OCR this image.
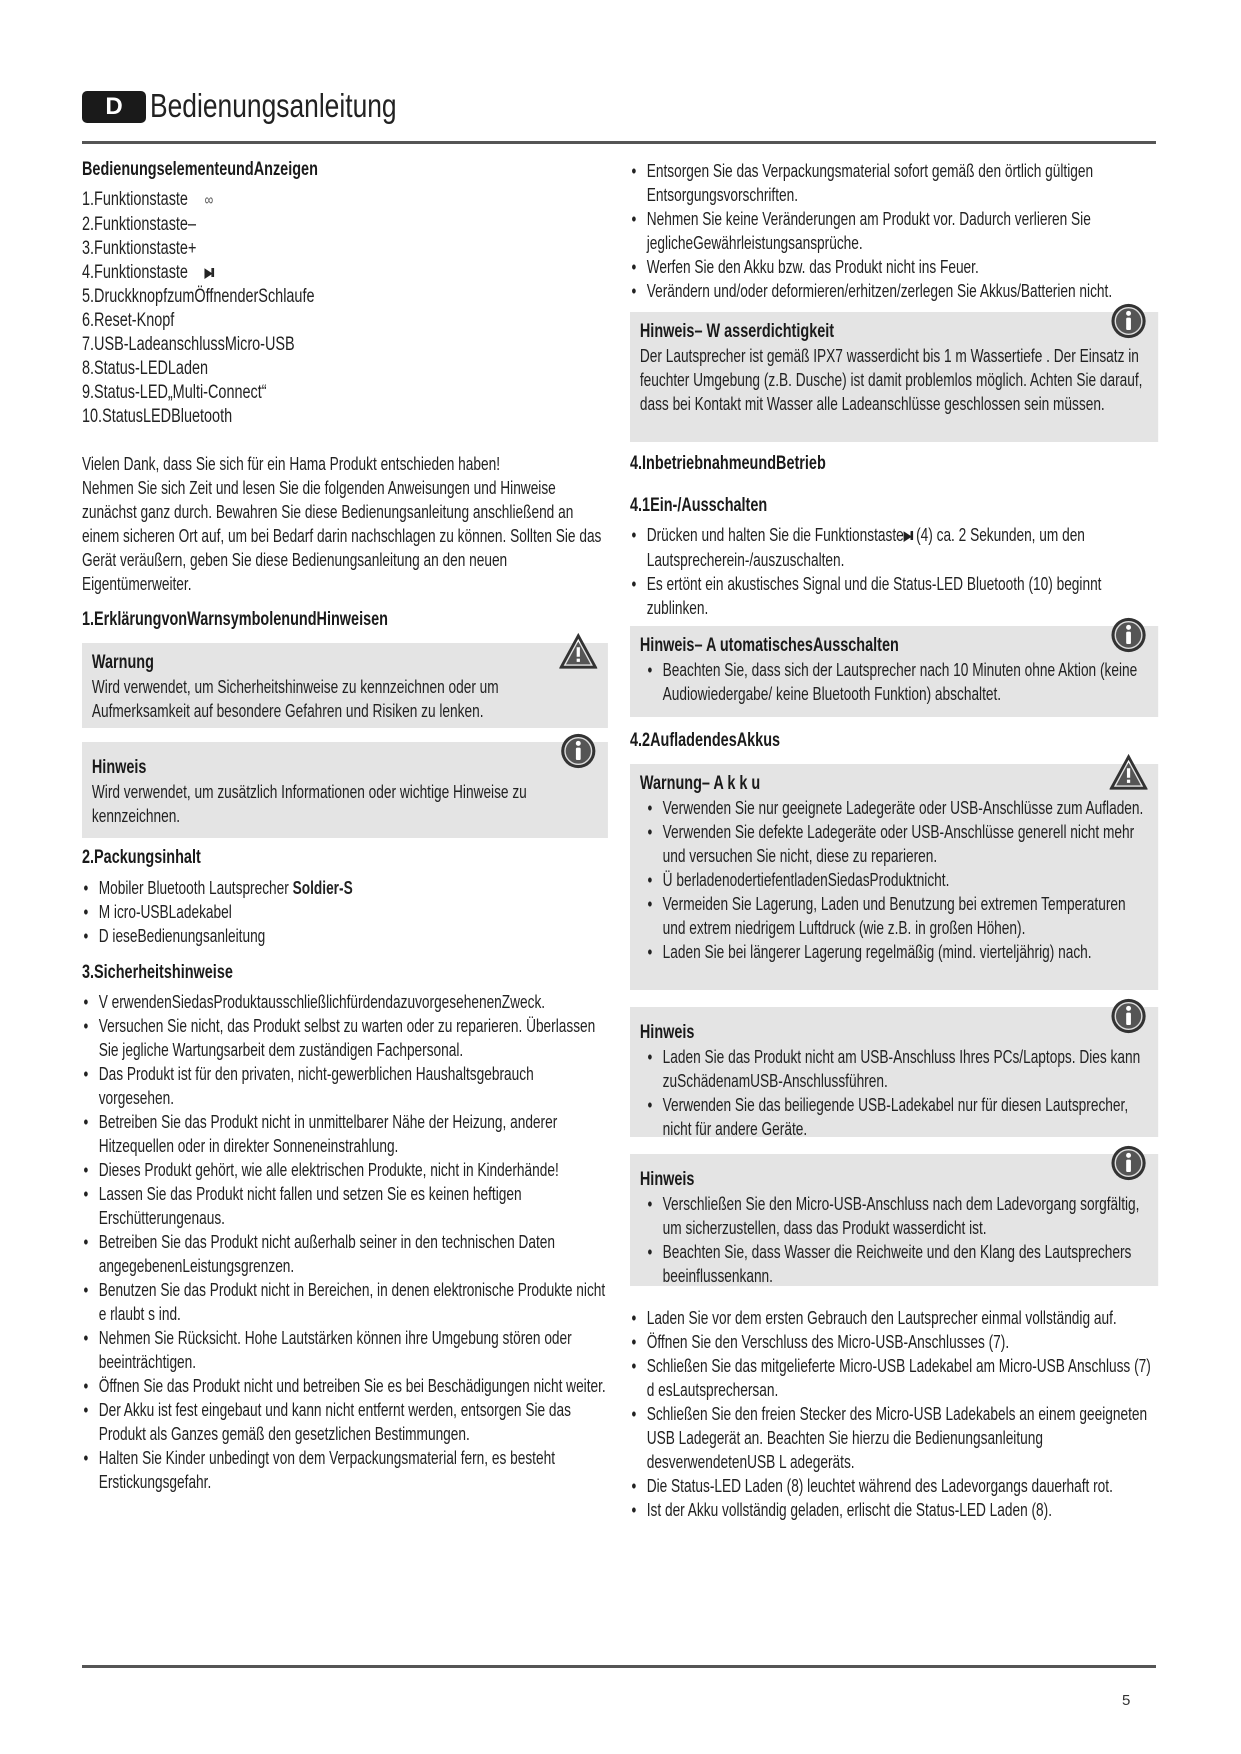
D Bedienungsanleitung
BedienungselementeundAnzeigen
1.Funktionstaste ∞
2.Funktionstaste–
3.Funktionstaste+
4.Funktionstaste ▶II
5.DruckknopfzumÖffnenderSchlaufe
6.Reset-Knopf
7.USB-LadeanschlussMicro-USB
8.Status-LEDLaden
9.Status-LED„Multi-Connect“
10.StatusLEDBluetooth
Vielen Dank, dass Sie sich für ein Hama Produkt entschieden haben!
Nehmen Sie sich Zeit und lesen Sie die folgenden Anweisungen und Hinweise zunächst ganz durch. Bewahren Sie diese Bedienungsanleitung anschließend an einem sicheren Ort auf, um bei Bedarf darin nachschlagen zu können. Sollten Sie das Gerät veräußern, geben Sie diese Bedienungsanleitung an den neuen Eigentümerweiter.
1.ErklärungvonWarnsymbolenundHinweisen
Warnung
Wird verwendet, um Sicherheitshinweise zu kennzeichnen oder um Aufmerksamkeit auf besondere Gefahren und Risiken zu lenken.
Hinweis
Wird verwendet, um zusätzlich Informationen oder wichtige Hinweise zu kennzeichnen.
2.Packungsinhalt
• Mobiler Bluetooth Lautsprecher Soldier-S
• M icro-USBLadekabel
• D ieseBedienungsanleitung
3.Sicherheitshinweise
• V erwendenSiedasProduktausschließlichfürdendazuvorgesehenenZweck.
• Versuchen Sie nicht, das Produkt selbst zu warten oder zu reparieren. Überlassen Sie jegliche Wartungsarbeit dem zuständigen Fachpersonal.
• Das Produkt ist für den privaten, nicht-gewerblichen Haushaltsgebrauch vorgesehen.
• Betreiben Sie das Produkt nicht in unmittelbarer Nähe der Heizung, anderer Hitzequellen oder in direkter Sonneneinstrahlung.
• Dieses Produkt gehört, wie alle elektrischen Produkte, nicht in Kinderhände!
• Lassen Sie das Produkt nicht fallen und setzen Sie es keinen heftigen Erschütterungenaus.
• Betreiben Sie das Produkt nicht außerhalb seiner in den technischen Daten angegebenenLeistungsgrenzen.
• Benutzen Sie das Produkt nicht in Bereichen, in denen elektronische Produkte nicht e rlaubt s ind.
• Nehmen Sie Rücksicht. Hohe Lautstärken können ihre Umgebung stören oder beeinträchtigen.
• Öffnen Sie das Produkt nicht und betreiben Sie es bei Beschädigungen nicht weiter.
• Der Akku ist fest eingebaut und kann nicht entfernt werden, entsorgen Sie das Produkt als Ganzes gemäß den gesetzlichen Bestimmungen.
• Halten Sie Kinder unbedingt von dem Verpackungsmaterial fern, es besteht Erstickungsgefahr.
• Entsorgen Sie das Verpackungsmaterial sofort gemäß den örtlich gültigen Entsorgungsvorschriften.
• Nehmen Sie keine Veränderungen am Produkt vor. Dadurch verlieren Sie jeglicheGewährleistungsansprüche.
• Werfen Sie den Akku bzw. das Produkt nicht ins Feuer.
• Verändern und/oder deformieren/erhitzen/zerlegen Sie Akkus/Batterien nicht.
Hinweis– W asserdichtigkeit
Der Lautsprecher ist gemäß IPX7 wasserdicht bis 1 m Wassertiefe . Der Einsatz in feuchter Umgebung (z.B. Dusche) ist damit problemlos möglich. Achten Sie darauf, dass bei Kontakt mit Wasser alle Ladeanschlüsse geschlossen sein müssen.
4.InbetriebnahmeundBetrieb
4.1Ein-/Ausschalten
• Drücken und halten Sie die Funktionstaste▶II (4) ca. 2 Sekunden, um den Lautsprecherein-/auszuschalten.
• Es ertönt ein akustisches Signal und die Status-LED Bluetooth (10) beginnt zublinken.
Hinweis– A utomatischesAusschalten
• Beachten Sie, dass sich der Lautsprecher nach 10 Minuten ohne Aktion (keine Audiowiedergabe/ keine Bluetooth Funktion) abschaltet.
4.2AufladendesAkkus
Warnung– A k k u
• Verwenden Sie nur geeignete Ladegeräte oder USB-Anschlüsse zum Aufladen.
• Verwenden Sie defekte Ladegeräte oder USB-Anschlüsse generell nicht mehr und versuchen Sie nicht, diese zu reparieren.
• Ü berladenodertiefentladenSiedasProduktnicht.
• Vermeiden Sie Lagerung, Laden und Benutzung bei extremen Temperaturen und extrem niedrigem Luftdruck (wie z.B. in großen Höhen).
• Laden Sie bei längerer Lagerung regelmäßig (mind. vierteljährig) nach.
Hinweis
• Laden Sie das Produkt nicht am USB-Anschluss Ihres PCs/Laptops. Dies kann zuSchädenamUSB-Anschlussführen.
• Verwenden Sie das beiliegende USB-Ladekabel nur für diesen Lautsprecher, nicht für andere Geräte.
Hinweis
• Verschließen Sie den Micro-USB-Anschluss nach dem Ladevorgang sorgfältig, um sicherzustellen, dass das Produkt wasserdicht ist.
• Beachten Sie, dass Wasser die Reichweite und den Klang des Lautsprechers beeinflussenkann.
• Laden Sie vor dem ersten Gebrauch den Lautsprecher einmal vollständig auf.
• Öffnen Sie den Verschluss des Micro-USB-Anschlusses (7).
• Schließen Sie das mitgelieferte Micro-USB Ladekabel am Micro-USB Anschluss (7) d esLautsprechersan.
• Schließen Sie den freien Stecker des Micro-USB Ladekabels an einem geeigneten USB Ladegerät an. Beachten Sie hierzu die Bedienungsanleitung desverwendetenUSB L adegeräts.
• Die Status-LED Laden (8) leuchtet während des Ladevorgangs dauerhaft rot.
• Ist der Akku vollständig geladen, erlischt die Status-LED Laden (8).
5
